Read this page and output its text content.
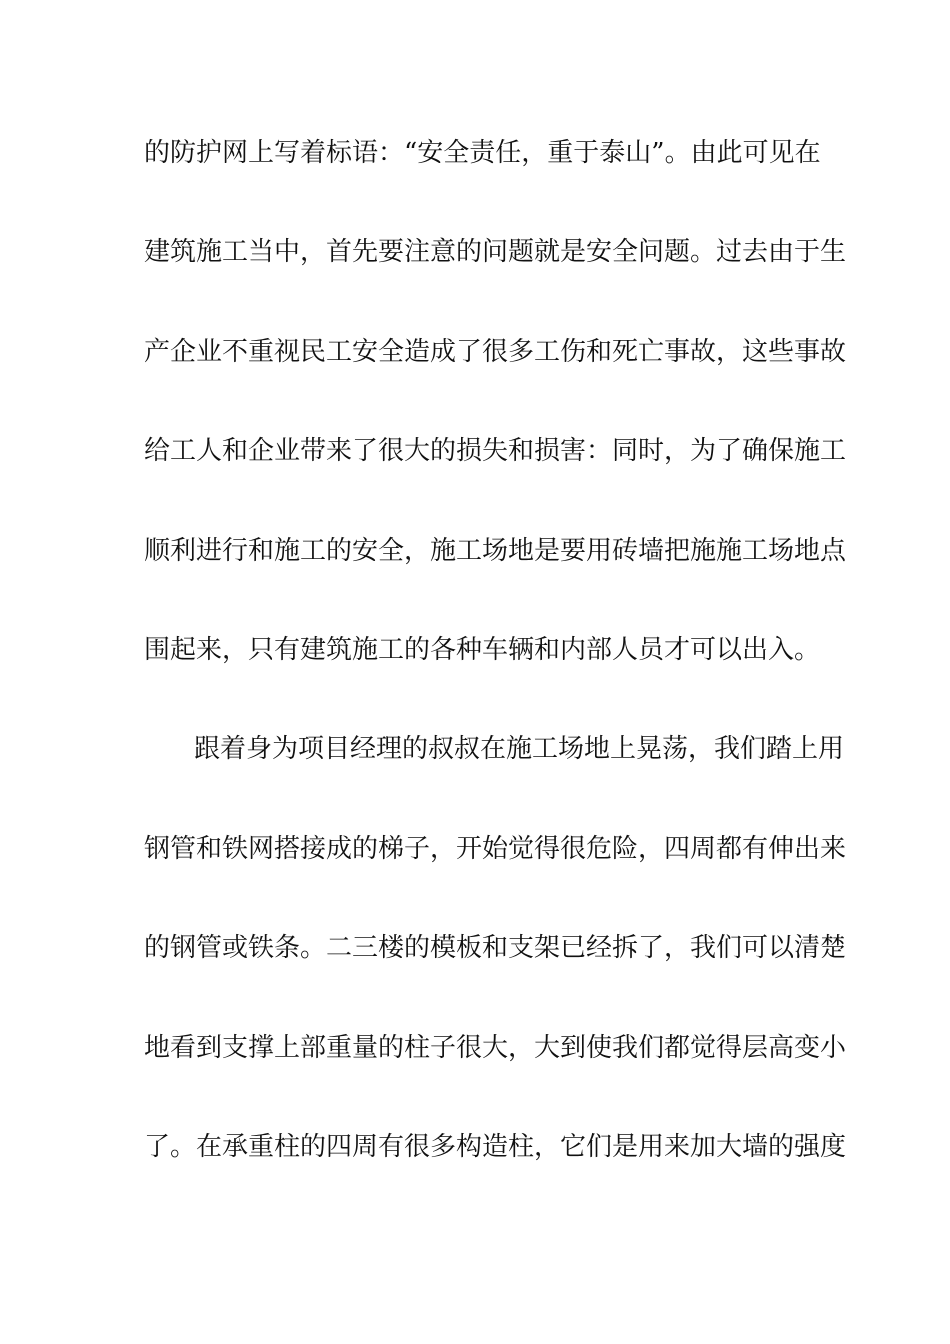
的防护网上写着标语：“安全责任，重于泰山”。由此可见在
建筑施工当中，首先要注意的问题就是安全问题。过去由于生
产企业不重视民工安全造成了很多工伤和死亡事故，这些事故
给工人和企业带来了很大的损失和损害：同时，为了确保施工
顺利进行和施工的安全，施工场地是要用砖墙把施施工场地点
围起来，只有建筑施工的各种车辆和内部人员才可以出入。
跟着身为项目经理的叔叔在施工场地上晃荡，我们踏上用
钢管和铁网搭接成的梯子，开始觉得很危险，四周都有伸出来
的钢管或铁条。二三楼的模板和支架已经拆了，我们可以清楚
地看到支撑上部重量的柱子很大，大到使我们都觉得层高变小
了。在承重柱的四周有很多构造柱，它们是用来加大墙的强度
